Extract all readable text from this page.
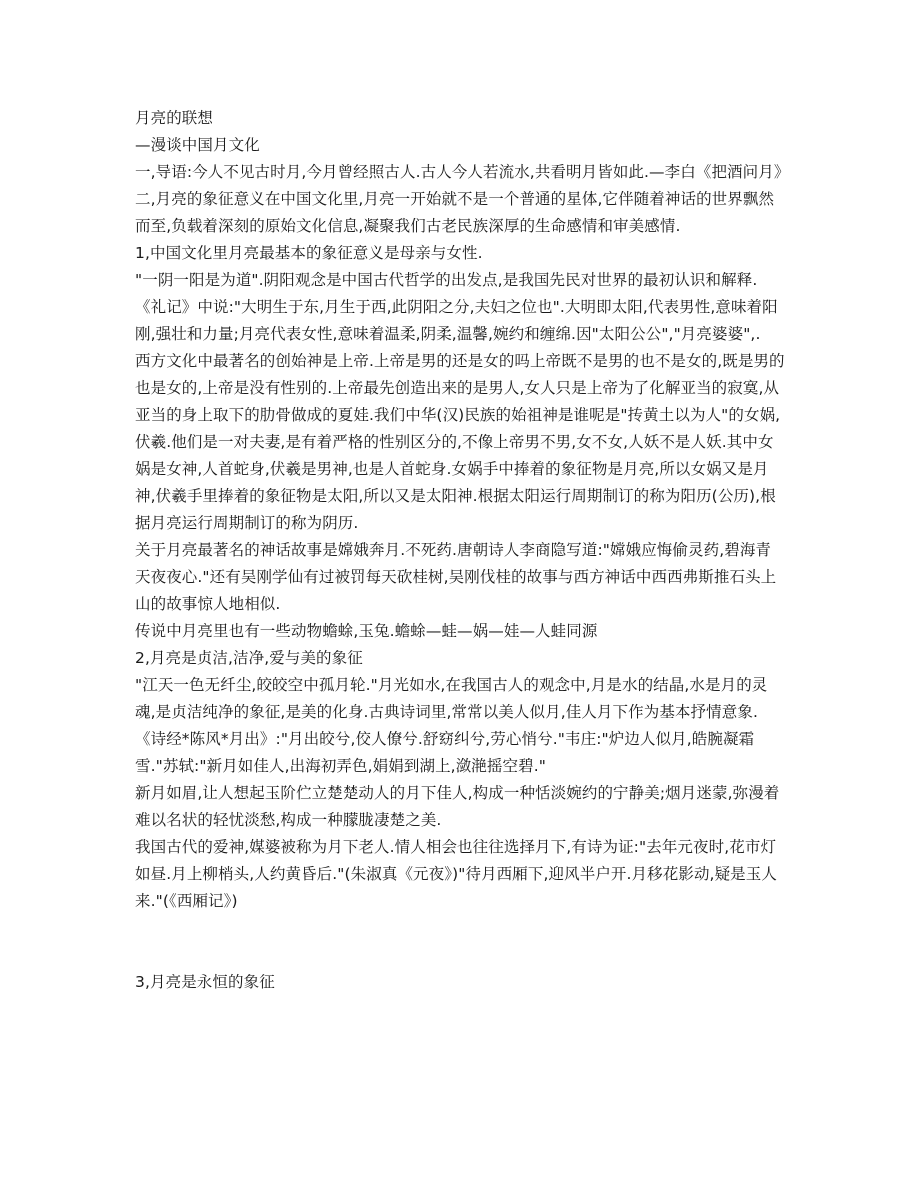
月亮的联想

—漫谈中国月文化

一,导语:今人不见古时月,今月曾经照古人.古人今人若流水,共看明月皆如此.—李白《把酒问月》

二,月亮的象征意义在中国文化里,月亮一开始就不是一个普通的星体,它伴随着神话的世界飘然而至,负载着深刻的原始文化信息,凝聚我们古老民族深厚的生命感情和审美感情.

1,中国文化里月亮最基本的象征意义是母亲与女性.

"一阴一阳是为道".阴阳观念是中国古代哲学的出发点,是我国先民对世界的最初认识和解释.《礼记》中说:"大明生于东,月生于西,此阴阳之分,夫妇之位也".大明即太阳,代表男性,意味着阳刚,强壮和力量;月亮代表女性,意味着温柔,阴柔,温馨,婉约和缠绵.因"太阳公公","月亮婆婆",.

西方文化中最著名的创始神是上帝.上帝是男的还是女的吗上帝既不是男的也不是女的,既是男的也是女的,上帝是没有性别的.上帝最先创造出来的是男人,女人只是上帝为了化解亚当的寂寞,从亚当的身上取下的肋骨做成的夏娃.我们中华(汉)民族的始祖神是谁呢是"抟黄土以为人"的女娲,伏羲.他们是一对夫妻,是有着严格的性别区分的,不像上帝男不男,女不女,人妖不是人妖.其中女娲是女神,人首蛇身,伏羲是男神,也是人首蛇身.女娲手中捧着的象征物是月亮,所以女娲又是月神,伏羲手里捧着的象征物是太阳,所以又是太阳神.根据太阳运行周期制订的称为阳历(公历),根据月亮运行周期制订的称为阴历.

关于月亮最著名的神话故事是嫦娥奔月.不死药.唐朝诗人李商隐写道:"嫦娥应悔偷灵药,碧海青天夜夜心."还有吴刚学仙有过被罚每天砍桂树,吴刚伐桂的故事与西方神话中西西弗斯推石头上山的故事惊人地相似.

传说中月亮里也有一些动物蟾蜍,玉兔.蟾蜍—蛙—娲—娃—人蛙同源

2,月亮是贞洁,洁净,爱与美的象征

"江天一色无纤尘,皎皎空中孤月轮."月光如水,在我国古人的观念中,月是水的结晶,水是月的灵魂,是贞洁纯净的象征,是美的化身.古典诗词里,常常以美人似月,佳人月下作为基本抒情意象.《诗经*陈风*月出》:"月出皎兮,佼人僚兮.舒窈纠兮,劳心悄兮."韦庄:"炉边人似月,皓腕凝霜雪."苏轼:"新月如佳人,出海初弄色,娟娟到湖上,潋滟摇空碧."

新月如眉,让人想起玉阶伫立楚楚动人的月下佳人,构成一种恬淡婉约的宁静美;烟月迷蒙,弥漫着难以名状的轻忧淡愁,构成一种朦胧凄楚之美.

我国古代的爱神,媒婆被称为月下老人.情人相会也往往选择月下,有诗为证:"去年元夜时,花市灯如昼.月上柳梢头,人约黄昏后."(朱淑真《元夜》)"待月西厢下,迎风半户开.月移花影动,疑是玉人来."(《西厢记》)

3,月亮是永恒的象征
